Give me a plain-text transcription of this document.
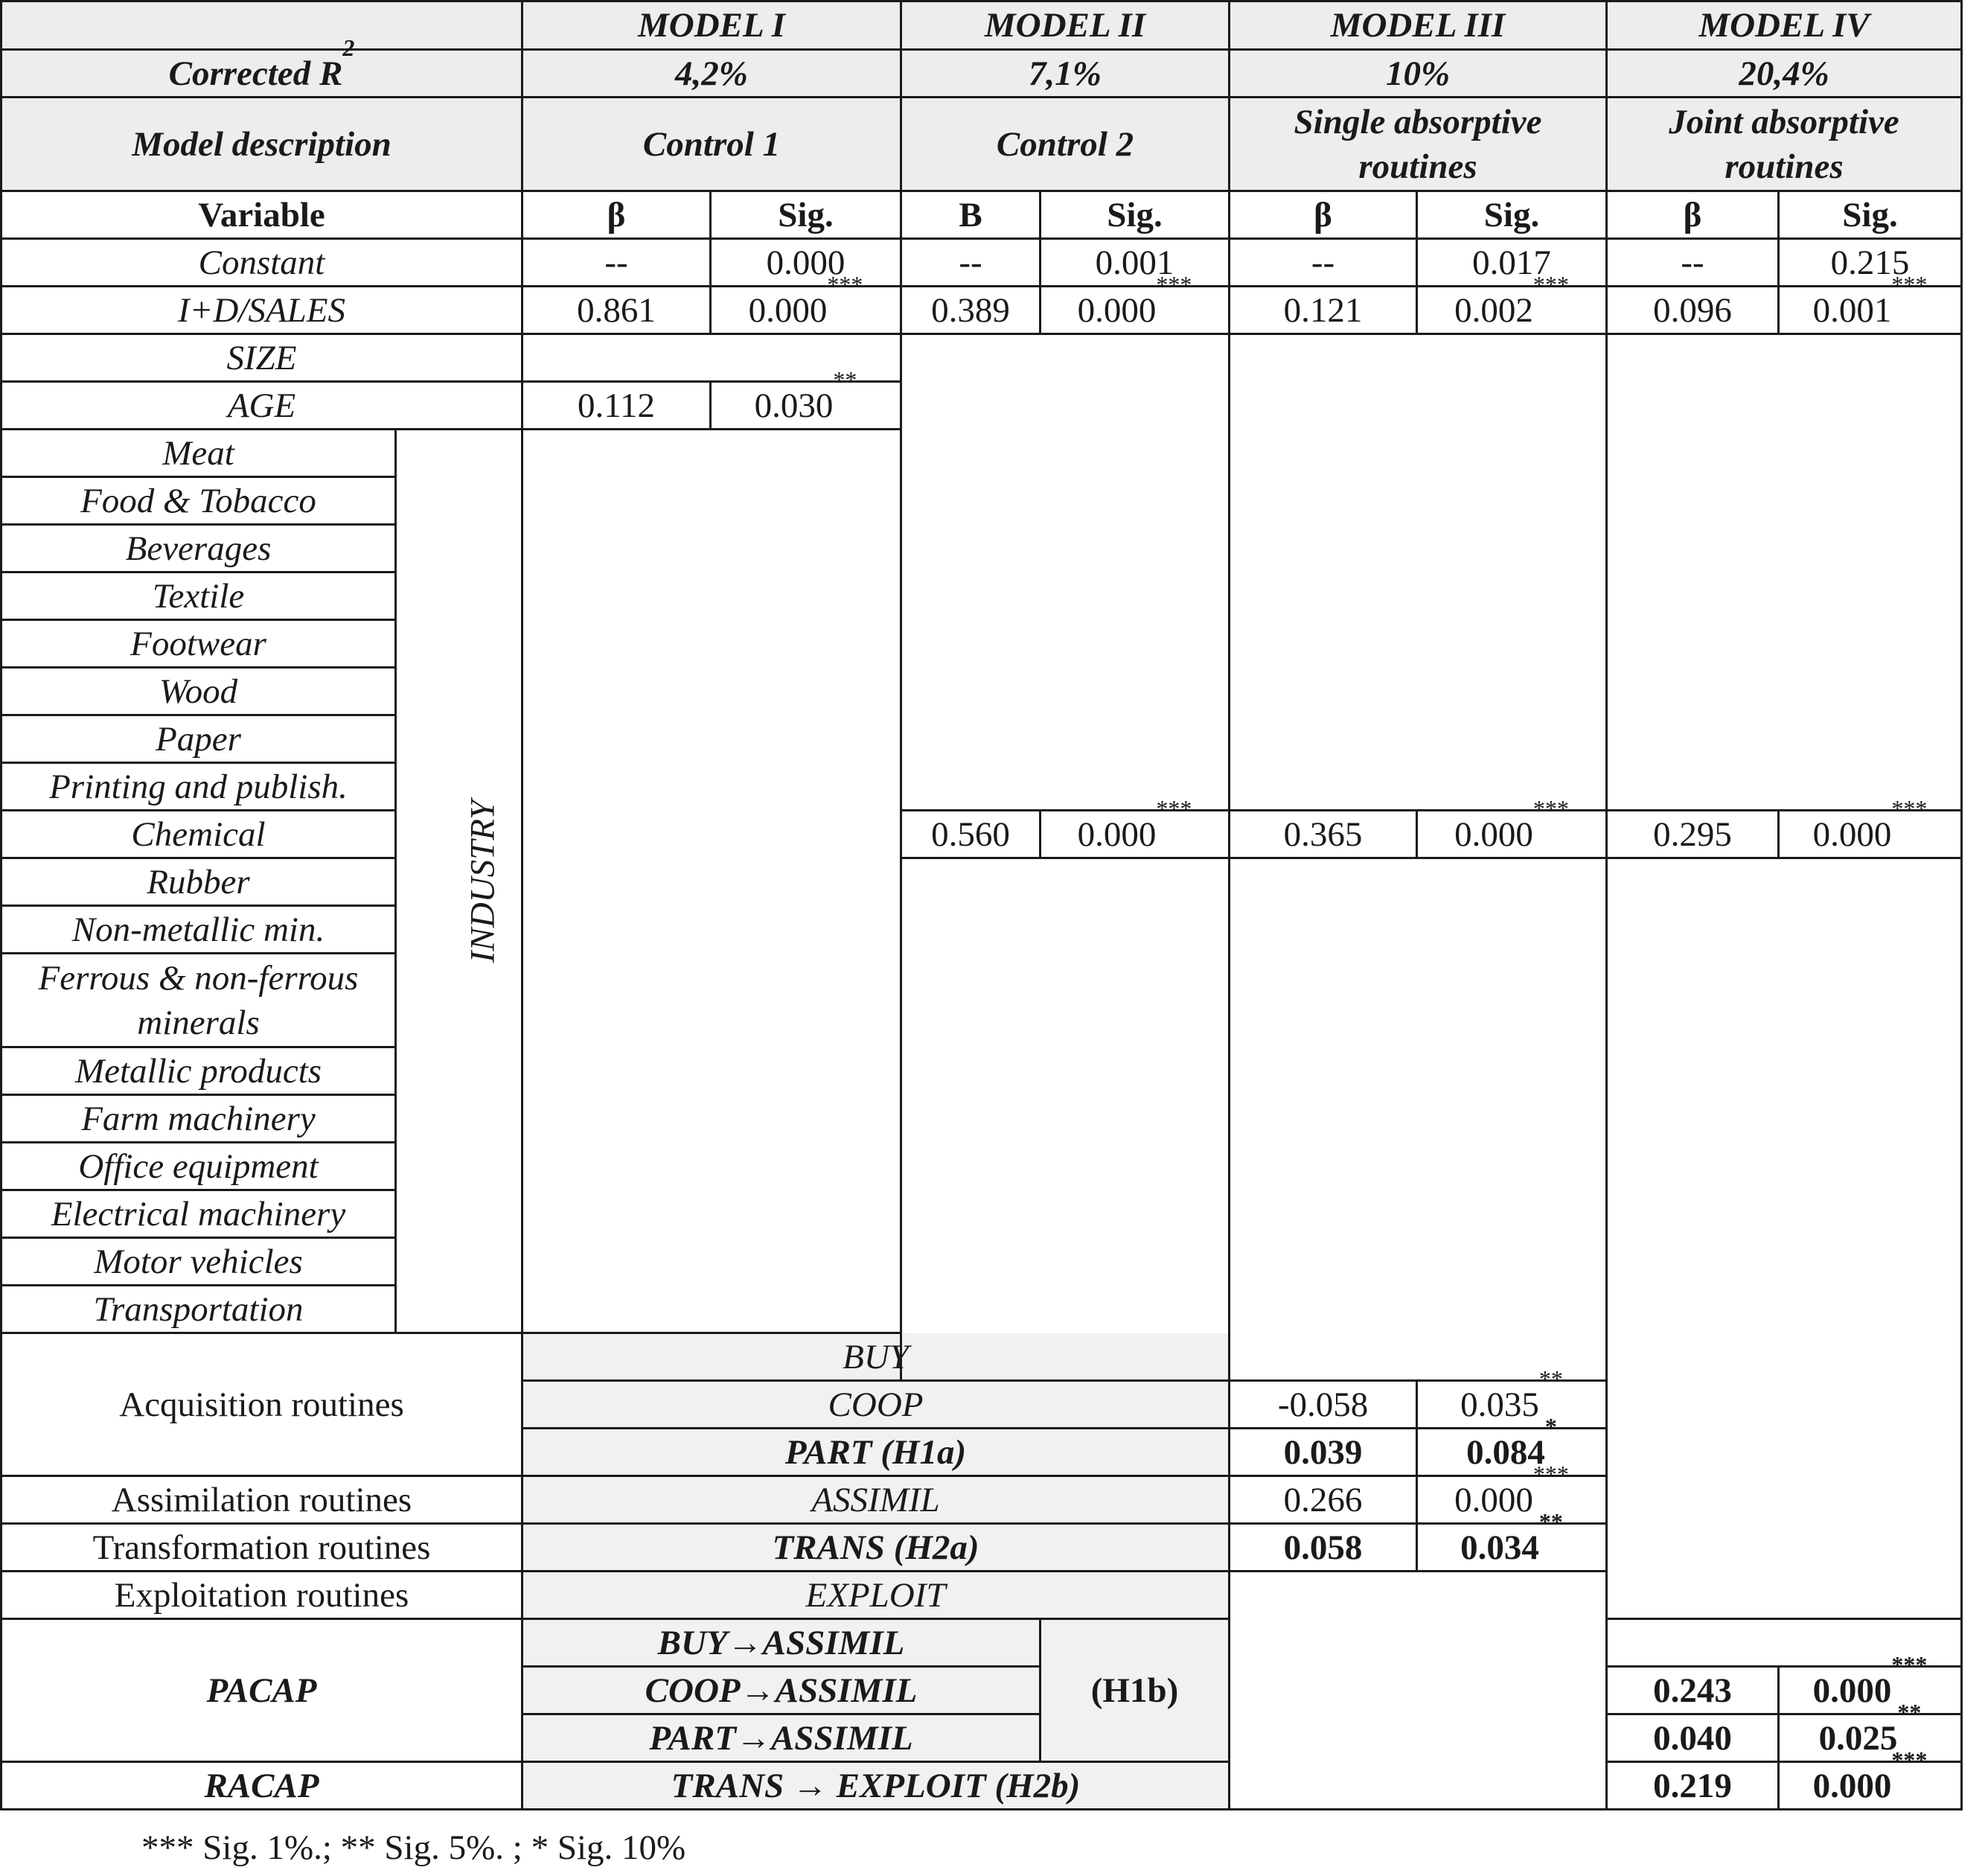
		MODEL I		MODEL II		MODEL III		MODEL IV		
Corrected $R^2$		4,2%		7,1%		10%		20,4%		
Model description		Control 1		Control 2		Single absorptive routines		Joint absorptive routines		
Variable		β	Sig.	B	Sig.	β	Sig.	β	Sig.	
Constant		--	0.000	--	0.001	--	0.017	--	0.215	
I+D/SALES		0.861	0.000***	0.389	0.000***	0.121	0.002***	0.096	0.001***
SIZE										
AGE		0.112	0.030**
Meat	INDUSTRY									
Food & Tobacco										
Beverages										
Textile										
Footwear										
Wood										
Paper										
Printing and publish.										
Chemical				0.560	0.000***	0.365	0.000***	0.295	0.000***
Rubber										
Non-metallic min.										
Ferrous & non-ferrous minerals										
Metallic products										
Farm machinery										
Office equipment										
Electrical machinery										
Motor vehicles										
Transportation										
Acquisition routines		BUY		
		COOP				-0.058	0.035**
		PART (H1a)				0.039	0.084*
Assimilation routines		ASSIMIL				0.266	0.000***
Transformation routines		TRANS (H2a)				0.058	0.034**		
Exploitation routines		EXPLOIT								
PACAP		BUY→ASSIMIL			(H1b)					
		COOP→ASSIMIL						0.243	0.000***
		PART→ASSIMIL						0.040	0.025**
RACAP		TRANS → EXPLOIT (H2b)						0.219	0.000***
*** Sig. 1%.; ** Sig. 5%. ; * Sig. 10%
